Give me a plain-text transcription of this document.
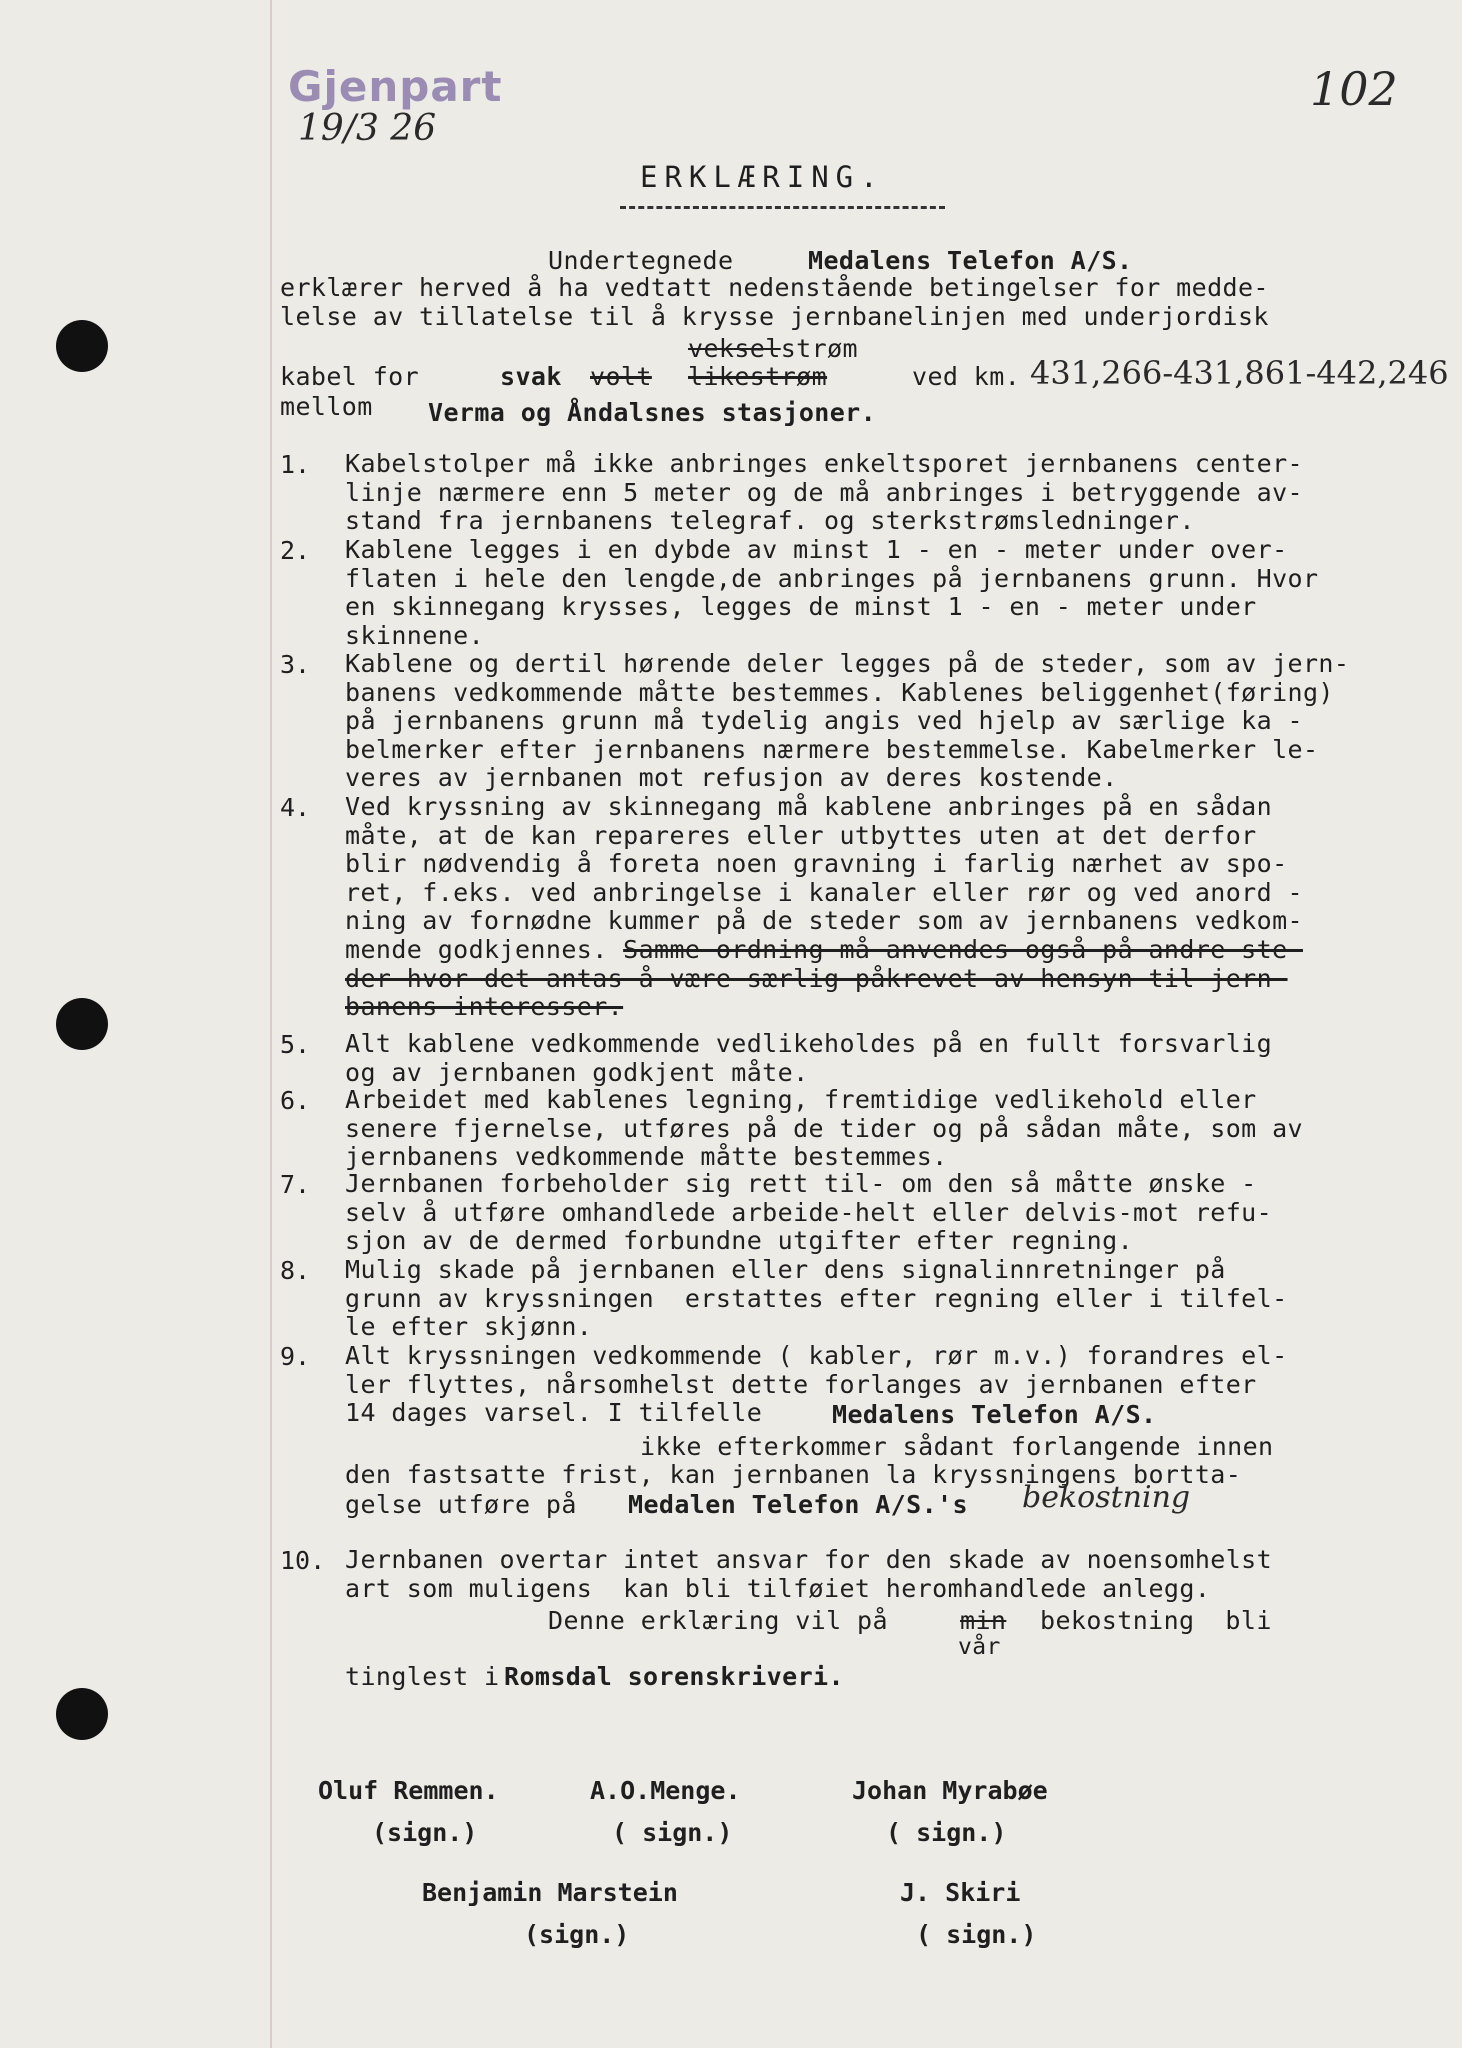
Gjenpart	102
19/3 26
ERKLÆRING.
Undertegnede	Medalens Telefon A/S.
erklærer herved å ha vedtatt nedenstående betingelser for medde-
lelse av tillatelse til å krysse jernbanelinjen med underjordisk
vekselstrøm
kabel for	svak volt likestrøm	ved km. 431,266-431,861-442,246
mellom Verma og Åndalsnes stasjoner.
1. Kabelstolper må ikke anbringes enkeltsporet jernbanens center-
linje nærmere enn 5 meter og de må anbringes i betryggende av-
stand fra jernbanens telegraf. og sterkstrømsledninger.
2. Kablene legges i en dybde av minst 1 - en - meter under over-
flaten i hele den lengde,de anbringes på jernbanens grunn. Hvor
en skinnegang krysses, legges de minst 1 - en - meter under
skinnene.
3. Kablene og dertil hørende deler legges på de steder, som av jern-
banens vedkommende måtte bestemmes. Kablenes beliggenhet(føring)
på jernbanens grunn må tydelig angis ved hjelp av særlige ka -
belmerker efter jernbanens nærmere bestemmelse. Kabelmerker le-
veres av jernbanen mot refusjon av deres kostende.
4. Ved kryssning av skinnegang må kablene anbringes på en sådan
måte, at de kan repareres eller utbyttes uten at det derfor
blir nødvendig å foreta noen gravning i farlig nærhet av spo-
ret, f.eks. ved anbringelse i kanaler eller rør og ved anord -
ning av fornødne kummer på de steder som av jernbanens vedkom-
mende godkjennes. Samme ordning må anvendes også på andre ste-
der hvor det antas å være særlig påkrevet av hensyn til jern-
banens interesser.
5. Alt kablene vedkommende vedlikeholdes på en fullt forsvarlig
og av jernbanen godkjent måte.
6. Arbeidet med kablenes legning, fremtidige vedlikehold eller
senere fjernelse, utføres på de tider og på sådan måte, som av
jernbanens vedkommende måtte bestemmes.
7. Jernbanen forbeholder sig rett til- om den så måtte ønske -
selv å utføre omhandlede arbeide-helt eller delvis-mot refu-
sjon av de dermed forbundne utgifter efter regning.
8. Mulig skade på jernbanen eller dens signalinnretninger på
grunn av kryssningen  erstattes efter regning eller i tilfel-
le efter skjønn.
9. Alt kryssningen vedkommende ( kabler, rør m.v.) forandres el-
ler flyttes, nårsomhelst dette forlanges av jernbanen efter
14 dages varsel. I tilfelle	Medalens Telefon A/S.
ikke efterkommer sådant forlangende innen
den fastsatte frist, kan jernbanen la kryssningens bortta-
gelse utføre på Medalen Telefon A/S.'s bekostning
10. Jernbanen overtar intet ansvar for den skade av noensomhelst
art som muligens  kan bli tilføiet heromhandlede anlegg.
Denne erklæring vil på	min bekostning  bli
vår
tinglest i Romsdal sorenskriveri.
Oluf Remmen.
(sign.)
A.O.Menge.
( sign.)
Johan Myrabøe
( sign.)
Benjamin Marstein
(sign.)
J. Skiri
( sign.)
